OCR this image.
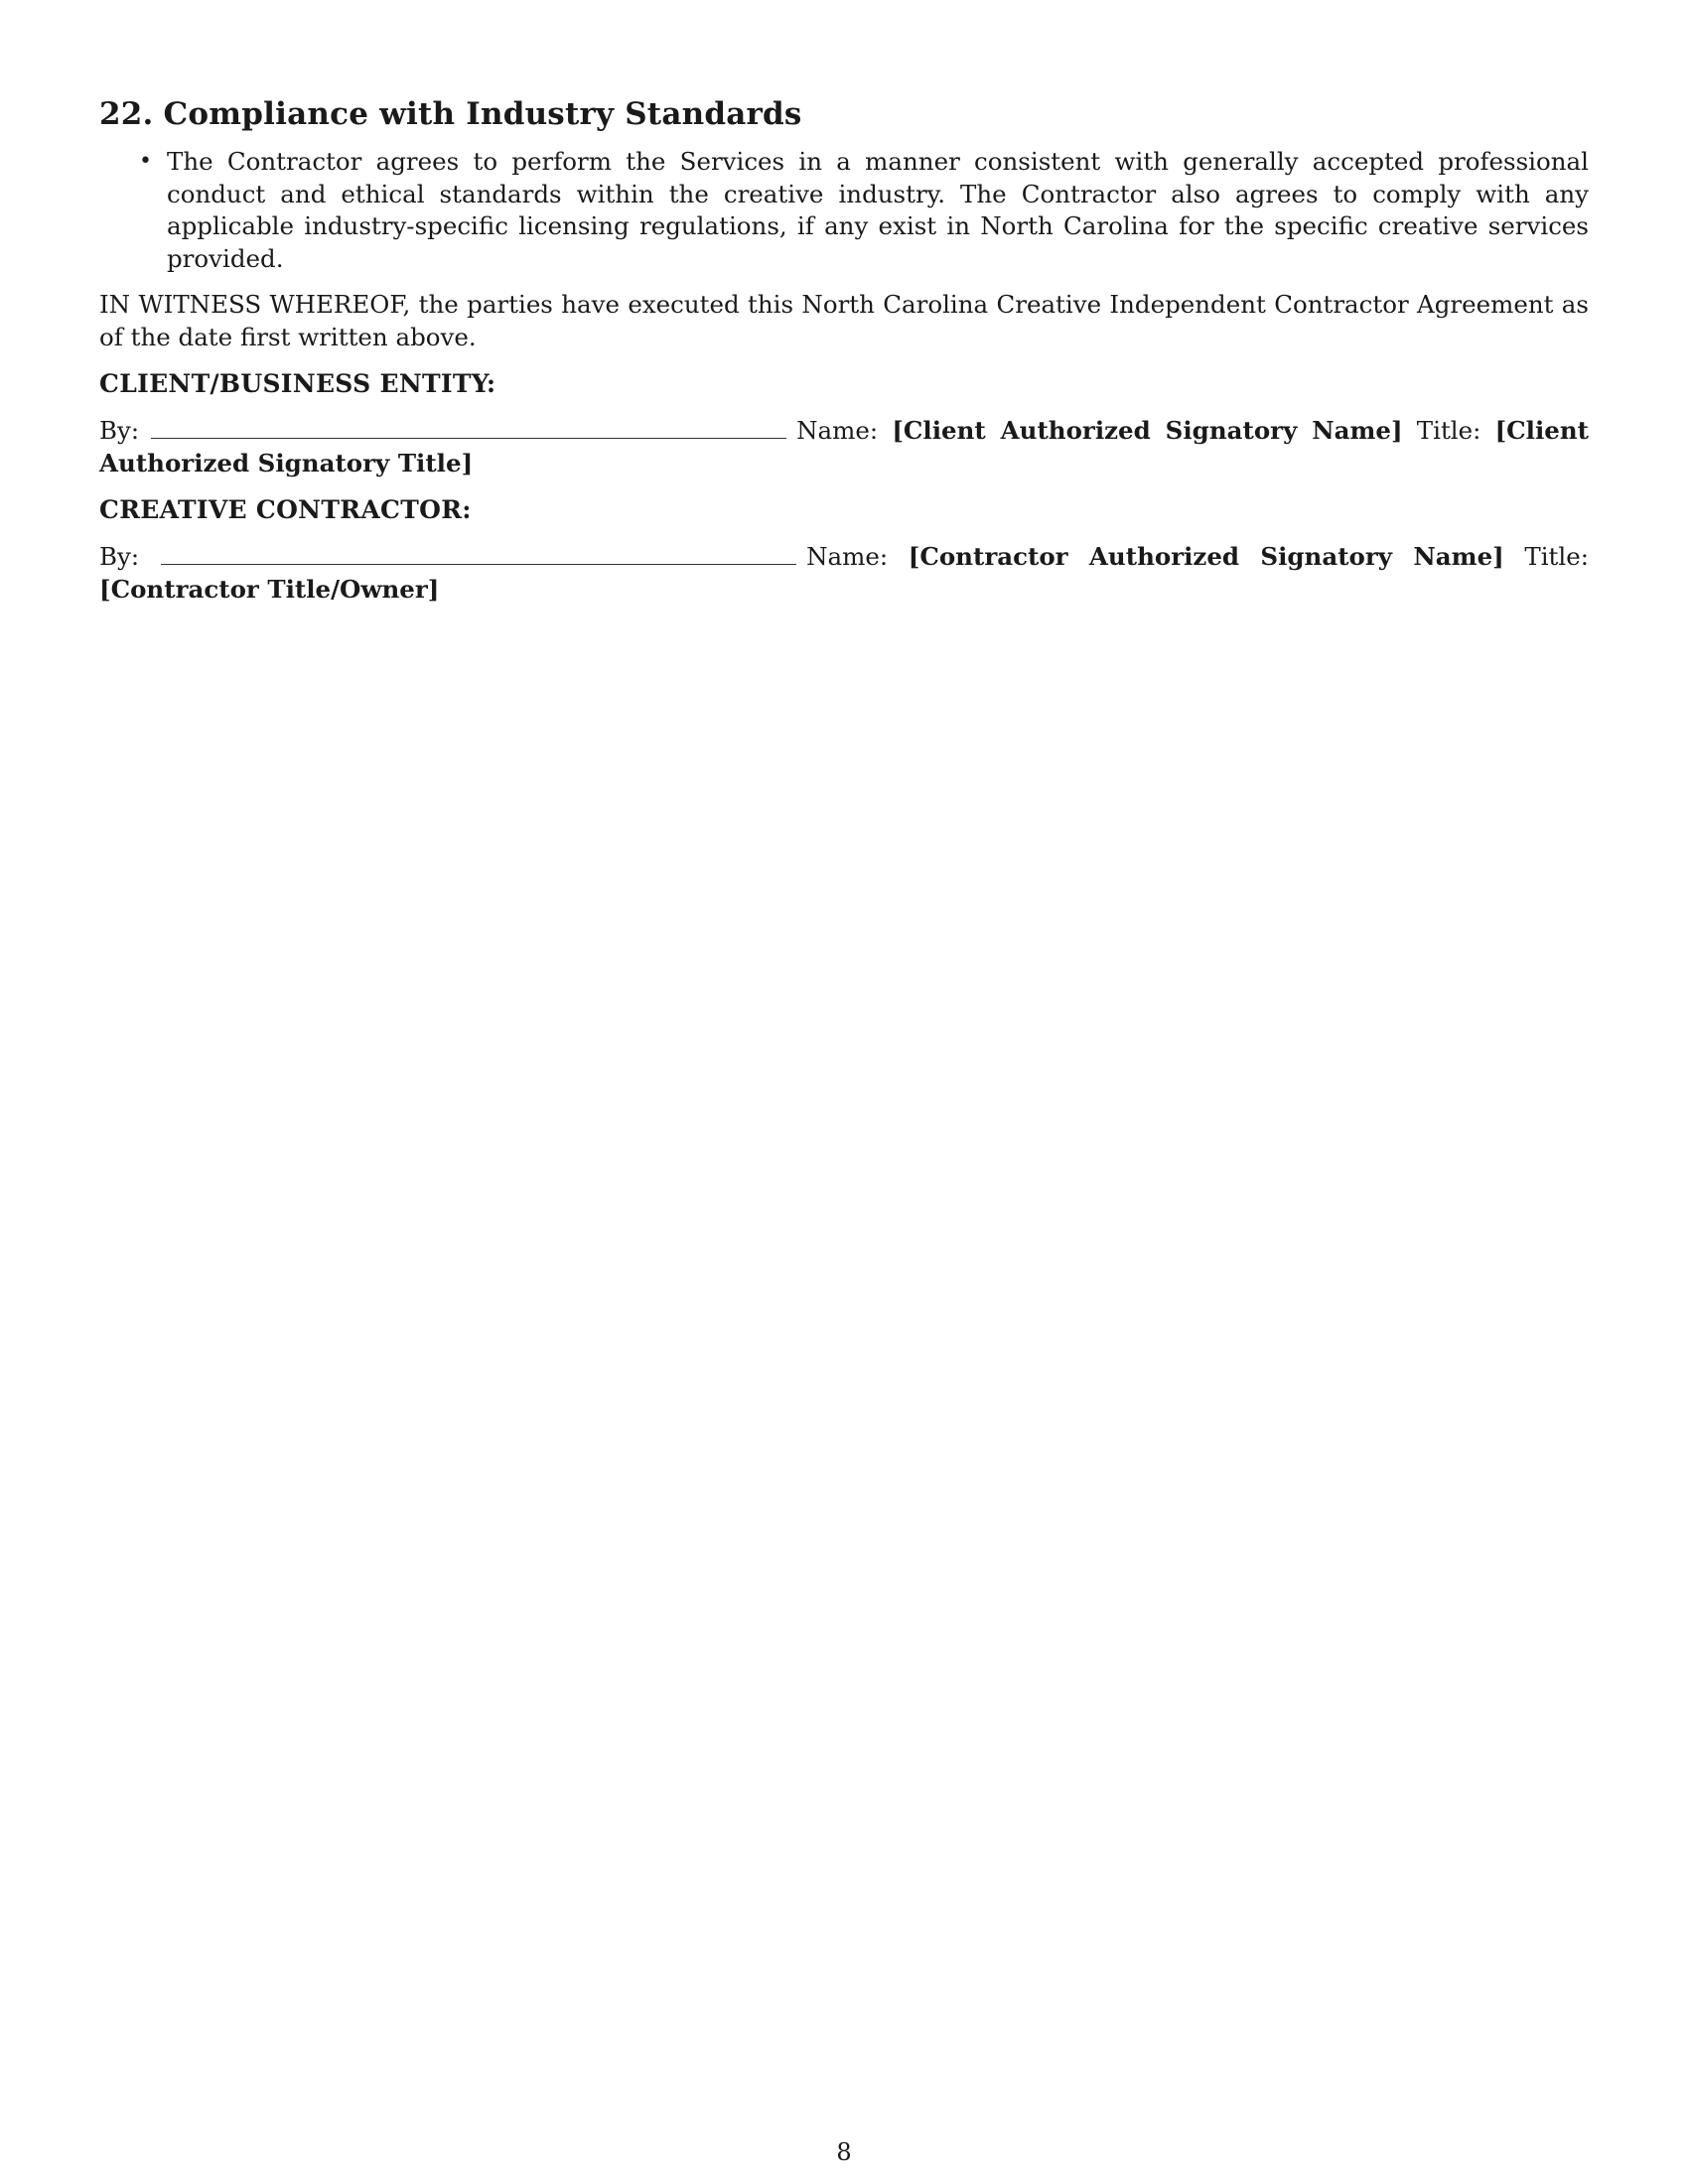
22. Compliance with Industry Standards
• The Contractor agrees to perform the Services in a manner consistent with generally accepted professional conduct and ethical standards within the creative industry. The Contractor also agrees to comply with any applicable industry-specific licensing regulations, if any exist in North Carolina for the specific creative services provided.

IN WITNESS WHEREOF, the parties have executed this North Carolina Creative Independent Contractor Agreement as of the date first written above.

CLIENT/BUSINESS ENTITY:
By:	Name: [Client Authorized Signatory Name] Title: [Client Authorized Signatory Title]
CREATIVE CONTRACTOR:
By:	Name: [Contractor Authorized Signatory Name] Title: [Contractor Title/Owner]
8
